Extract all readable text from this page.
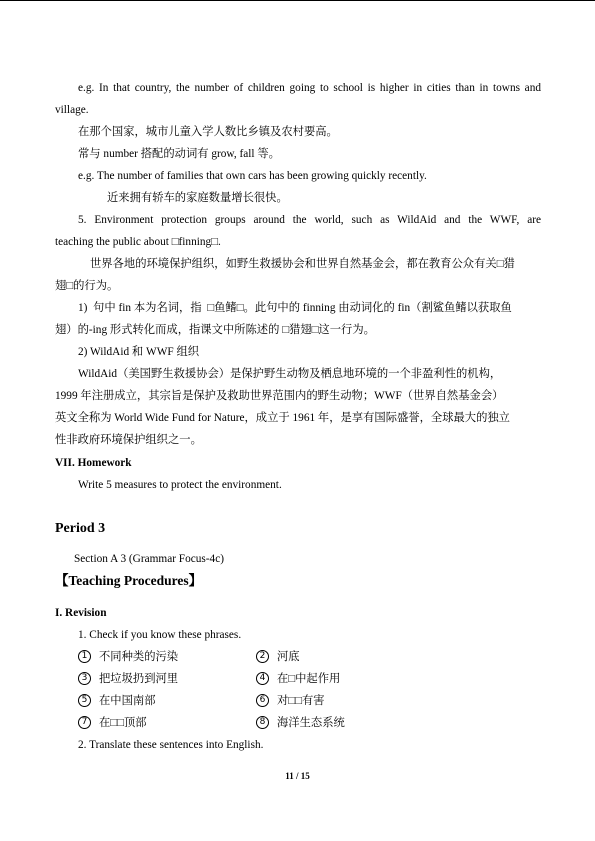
e.g. In that country, the number of children going to school is higher in cities than in towns and
village.
在那个国家，城市儿童入学人数比乡镇及农村要高。
常与 number 搭配的动词有 grow, fall 等。
e.g. The number of families that own cars has been growing quickly recently.
近来拥有轿车的家庭数量增长很快。
5. Environment protection groups around the world, such as WildAid and the WWF, are
teaching the public about □finning□.
世界各地的环境保护组织，如野生救援协会和世界自然基金会，都在教育公众有关□猎
翅□的行为。
1)  句中 fin 本为名词，指  □鱼鳍□。此句中的 finning 由动词化的 fin（割鲨鱼鳍以获取鱼
翅）的-ing 形式转化而成，指课文中所陈述的 □猎翅□这一行为。
2) WildAid 和 WWF 组织
WildAid（美国野生救援协会）是保护野生动物及栖息地环境的一个非盈利性的机构，
1999 年注册成立，其宗旨是保护及救助世界范围内的野生动物；WWF（世界自然基金会）
英文全称为 World Wide Fund for Nature，成立于 1961 年，是享有国际盛誉，全球最大的独立
性非政府环境保护组织之一。
VII. Homework
Write 5 measures to protect the environment.
Period 3
Section A 3 (Grammar Focus-4c)
【Teaching Procedures】
I. Revision
1. Check if you know these phrases.
1 不同种类的污染	2 河底
3 把垃圾扔到河里	4 在□中起作用
5 在中国南部	6 对□□有害
7 在□□顶部	8 海洋生态系统
2. Translate these sentences into English.
11 / 15
